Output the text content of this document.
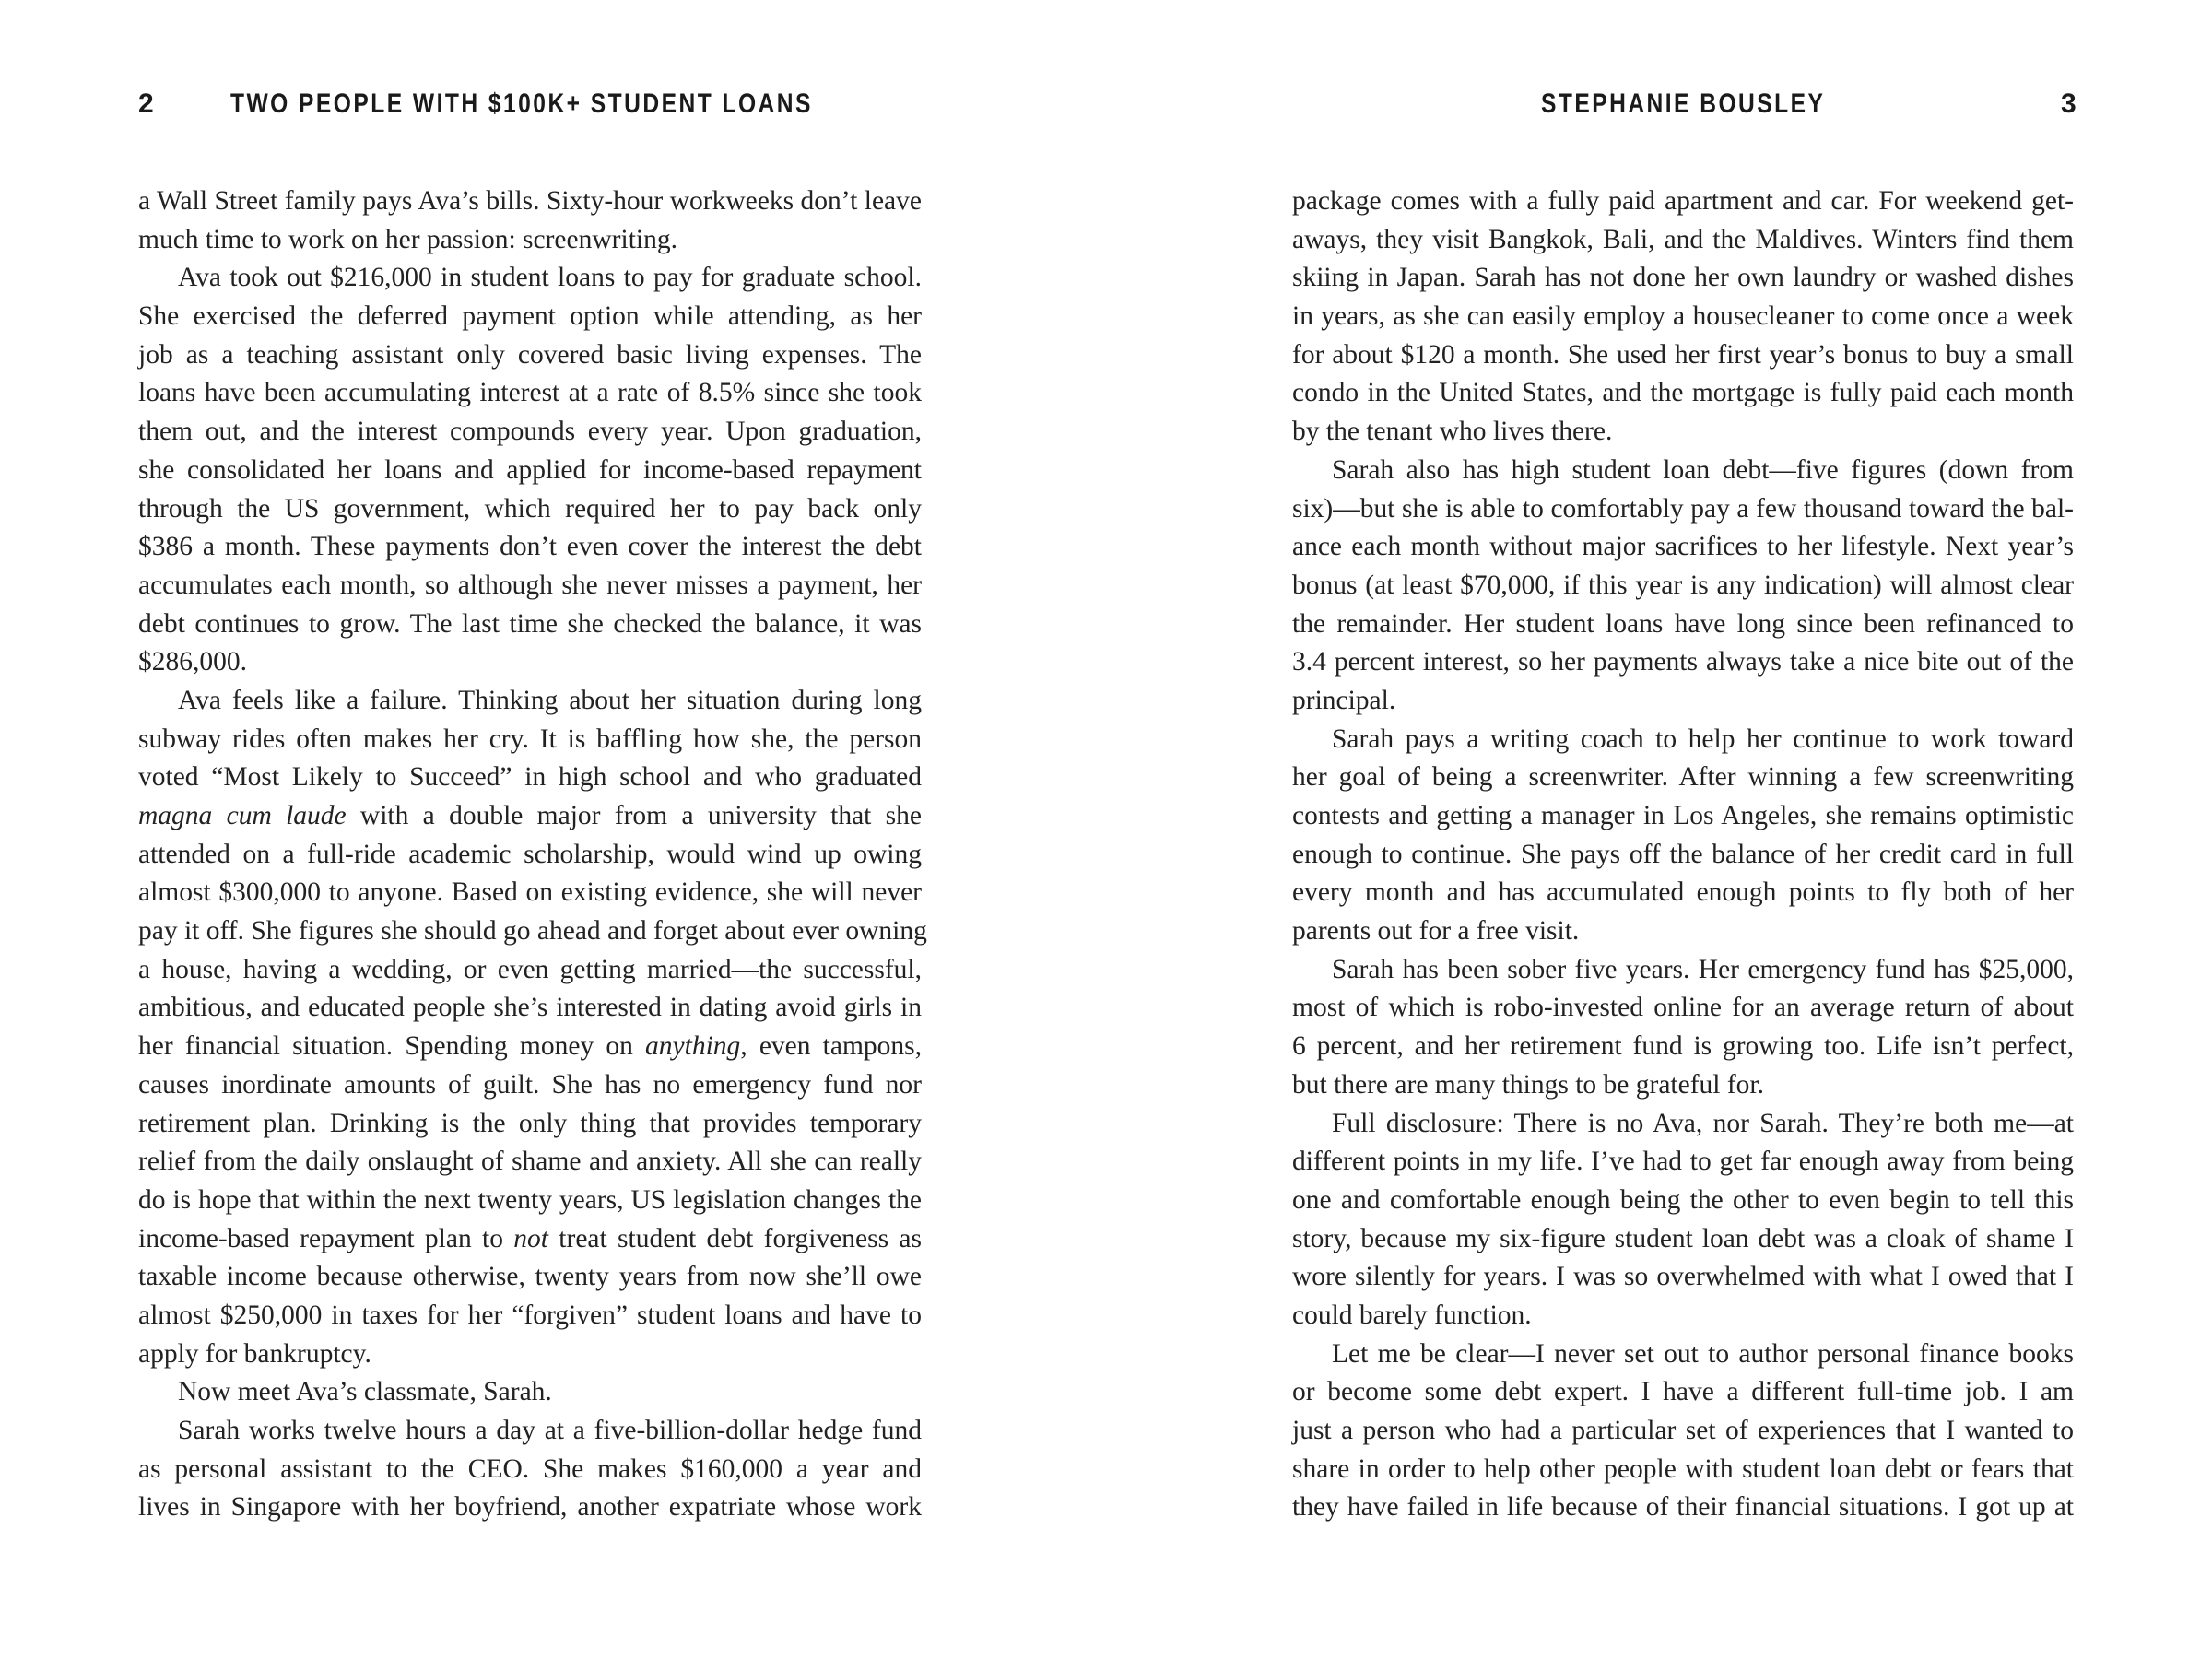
2	TWO PEOPLE WITH $100K+ STUDENT LOANS
a Wall Street family pays Ava’s bills. Sixty-hour workweeks don’t leave
much time to work on her passion: screenwriting.
Ava took out $216,000 in student loans to pay for graduate school.
She exercised the deferred payment option while attending, as her
job as a teaching assistant only covered basic living expenses. The
loans have been accumulating interest at a rate of 8.5% since she took
them out, and the interest compounds every year. Upon graduation,
she consolidated her loans and applied for income-based repayment
through the US government, which required her to pay back only
$386 a month. These payments don’t even cover the interest the debt
accumulates each month, so although she never misses a payment, her
debt continues to grow. The last time she checked the balance, it was
$286,000.
Ava feels like a failure. Thinking about her situation during long
subway rides often makes her cry. It is baffling how she, the person
voted “Most Likely to Succeed” in high school and who graduated
magna cum laude with a double major from a university that she
attended on a full-ride academic scholarship, would wind up owing
almost $300,000 to anyone. Based on existing evidence, she will never
pay it off. She figures she should go ahead and forget about ever owning
a house, having a wedding, or even getting married—the successful,
ambitious, and educated people she’s interested in dating avoid girls in
her financial situation. Spending money on anything, even tampons,
causes inordinate amounts of guilt. She has no emergency fund nor
retirement plan. Drinking is the only thing that provides temporary
relief from the daily onslaught of shame and anxiety. All she can really
do is hope that within the next twenty years, US legislation changes the
income-based repayment plan to not treat student debt forgiveness as
taxable income because otherwise, twenty years from now she’ll owe
almost $250,000 in taxes for her “forgiven” student loans and have to
apply for bankruptcy.
Now meet Ava’s classmate, Sarah.
Sarah works twelve hours a day at a five-billion-dollar hedge fund
as personal assistant to the CEO. She makes $160,000 a year and
lives in Singapore with her boyfriend, another expatriate whose work
STEPHANIE BOUSLEY	3
package comes with a fully paid apartment and car. For weekend get-
aways, they visit Bangkok, Bali, and the Maldives. Winters find them
skiing in Japan. Sarah has not done her own laundry or washed dishes
in years, as she can easily employ a housecleaner to come once a week
for about $120 a month. She used her first year’s bonus to buy a small
condo in the United States, and the mortgage is fully paid each month
by the tenant who lives there.
Sarah also has high student loan debt—five figures (down from
six)—but she is able to comfortably pay a few thousand toward the bal-
ance each month without major sacrifices to her lifestyle. Next year’s
bonus (at least $70,000, if this year is any indication) will almost clear
the remainder. Her student loans have long since been refinanced to
3.4 percent interest, so her payments always take a nice bite out of the
principal.
Sarah pays a writing coach to help her continue to work toward
her goal of being a screenwriter. After winning a few screenwriting
contests and getting a manager in Los Angeles, she remains optimistic
enough to continue. She pays off the balance of her credit card in full
every month and has accumulated enough points to fly both of her
parents out for a free visit.
Sarah has been sober five years. Her emergency fund has $25,000,
most of which is robo-invested online for an average return of about
6 percent, and her retirement fund is growing too. Life isn’t perfect,
but there are many things to be grateful for.
Full disclosure: There is no Ava, nor Sarah. They’re both me—at
different points in my life. I’ve had to get far enough away from being
one and comfortable enough being the other to even begin to tell this
story, because my six-figure student loan debt was a cloak of shame I
wore silently for years. I was so overwhelmed with what I owed that I
could barely function.
Let me be clear—I never set out to author personal finance books
or become some debt expert. I have a different full-time job. I am
just a person who had a particular set of experiences that I wanted to
share in order to help other people with student loan debt or fears that
they have failed in life because of their financial situations. I got up at
